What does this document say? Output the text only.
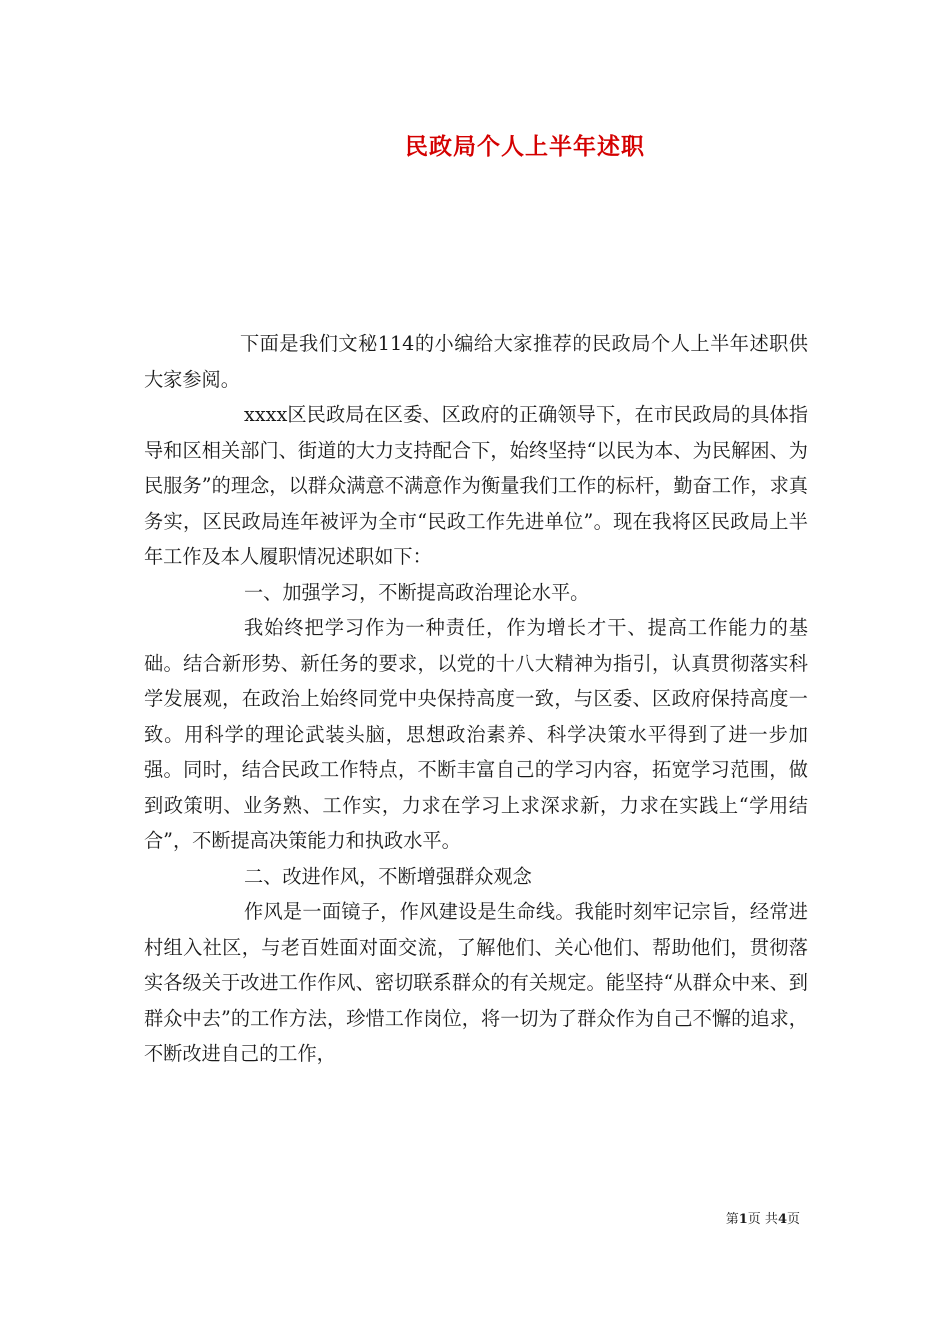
民政局个人上半年述职

下面是我们文秘114的小编给大家推荐的民政局个人上半年述职供大家参阅。

xxxx区民政局在区委、区政府的正确领导下，在市民政局的具体指导和区相关部门、街道的大力支持配合下，始终坚持“以民为本、为民解困、为民服务”的理念，以群众满意不满意作为衡量我们工作的标杆，勤奋工作，求真务实，区民政局连年被评为全市“民政工作先进单位”。现在我将区民政局上半年工作及本人履职情况述职如下：

一、加强学习，不断提高政治理论水平。

我始终把学习作为一种责任，作为增长才干、提高工作能力的基础。结合新形势、新任务的要求，以党的十八大精神为指引，认真贯彻落实科学发展观，在政治上始终同党中央保持高度一致，与区委、区政府保持高度一致。用科学的理论武装头脑，思想政治素养、科学决策水平得到了进一步加强。同时，结合民政工作特点，不断丰富自己的学习内容，拓宽学习范围，做到政策明、业务熟、工作实，力求在学习上求深求新，力求在实践上“学用结合”，不断提高决策能力和执政水平。

二、改进作风，不断增强群众观念

作风是一面镜子，作风建设是生命线。我能时刻牢记宗旨，经常进村组入社区，与老百姓面对面交流，了解他们、关心他们、帮助他们，贯彻落实各级关于改进工作作风、密切联系群众的有关规定。能坚持“从群众中来、到群众中去”的工作方法，珍惜工作岗位，将一切为了群众作为自己不懈的追求，不断改进自己的工作，

第1页 共4页
